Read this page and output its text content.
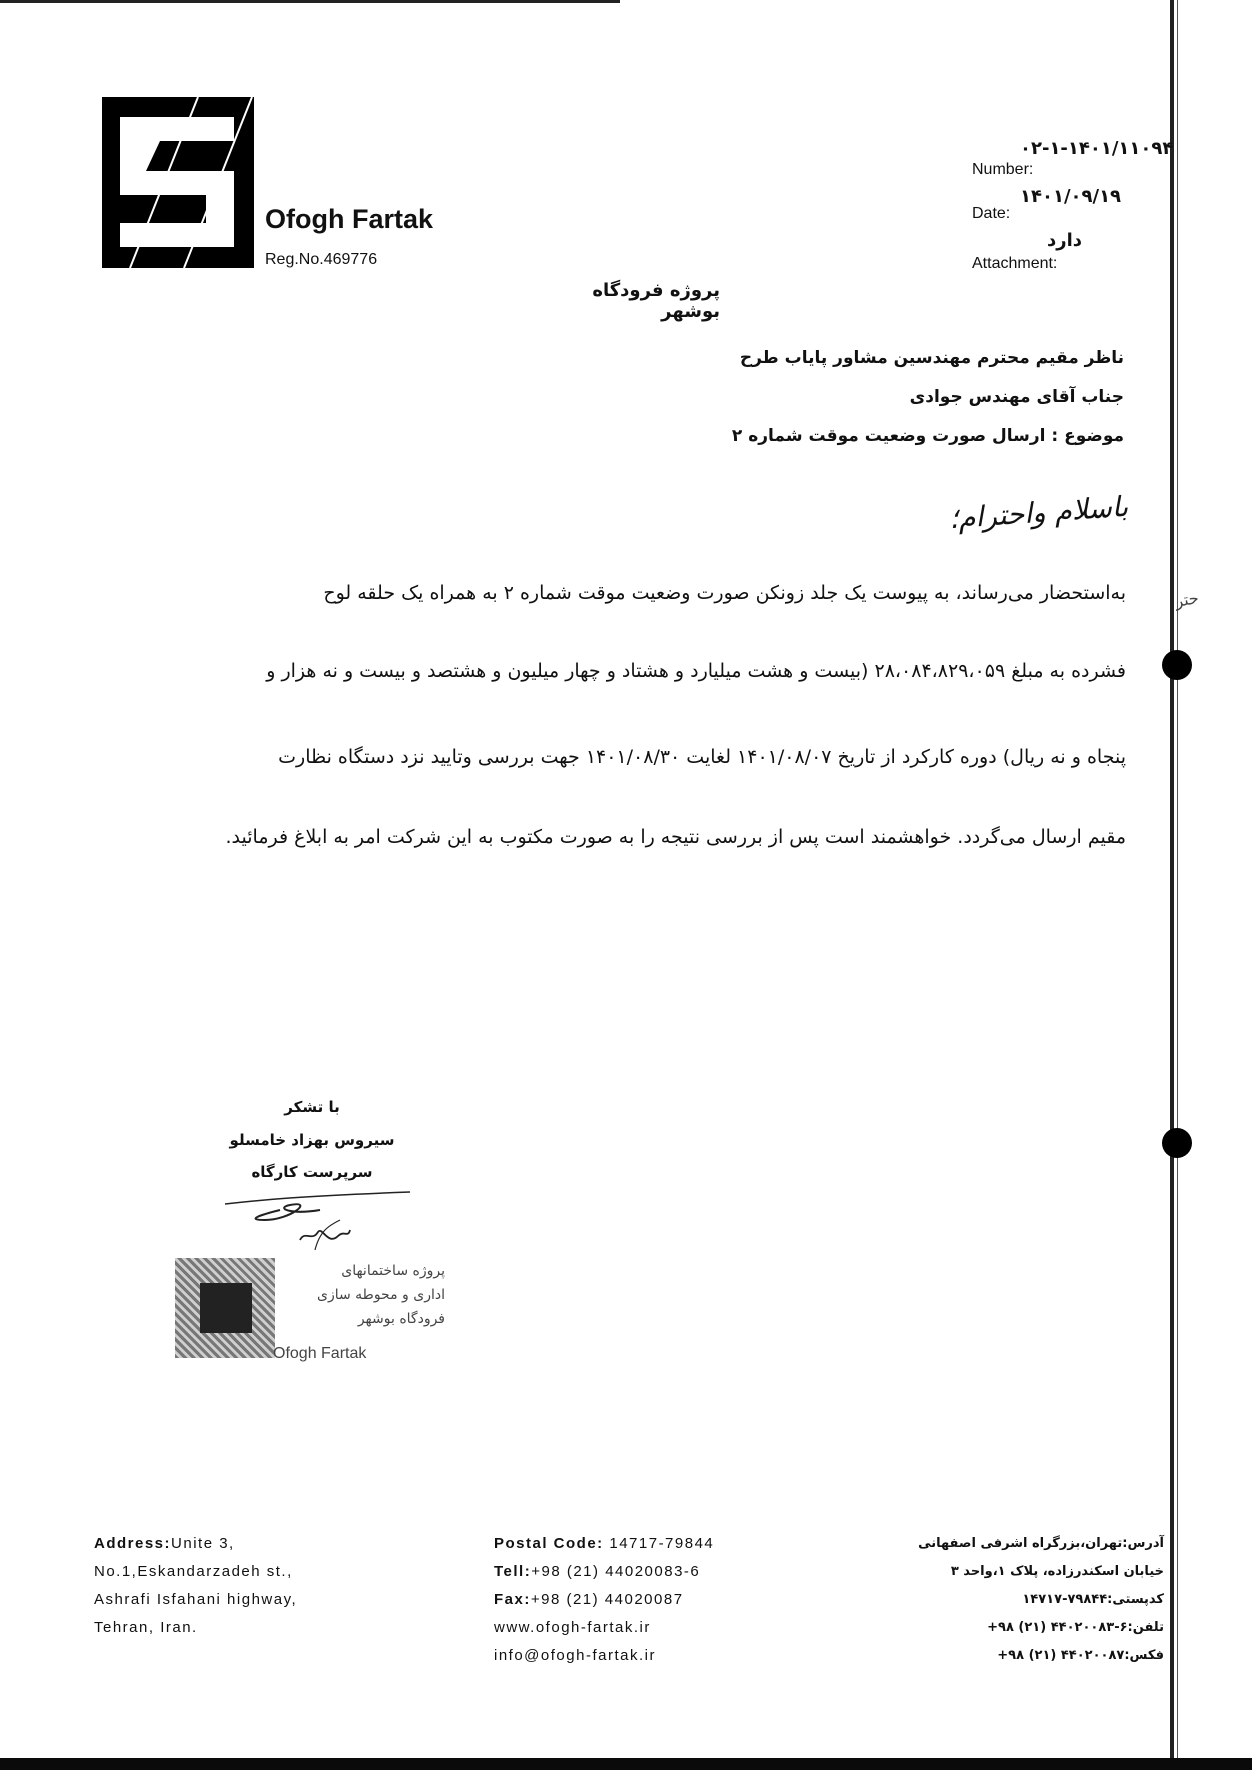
حتر
Ofogh Fartak
Reg.No.469776
Number:
۰۲-۱-۱۴۰۱/۱۱۰۹۴
Date:
۱۴۰۱/۰۹/۱۹
Attachment:
دارد
پروژه فرودگاه بوشهر
ناظر مقیم محترم مهندسین مشاور پایاب طرح
جناب آقای مهندس جوادی
موضوع : ارسال صورت وضعیت موقت شماره ۲
باسلام واحترام؛
به‌استحضار می‌رساند، به پیوست یک جلد زونکن صورت وضعیت موقت شماره ۲ به همراه یک حلقه لوح
فشرده به مبلغ ۲۸،۰۸۴،۸۲۹،۰۵۹ (بیست و هشت میلیارد و هشتاد و چهار میلیون و هشتصد و بیست و نه هزار و
پنجاه و نه ریال) دوره کارکرد از تاریخ ۱۴۰۱/۰۸/۰۷ لغایت ۱۴۰۱/۰۸/۳۰ جهت بررسی وتایید نزد دستگاه نظارت
مقیم ارسال می‌گردد. خواهشمند است پس از بررسی نتیجه را به صورت مکتوب به این شرکت امر به ابلاغ فرمائید.
با تشکر
سیروس بهزاد خامسلو
سرپرست کارگاه
پروژه ساختمانهای
اداری و محوطه سازی
فرودگاه بوشهر
Ofogh Fartak
Address:Unite 3,
No.1,Eskandarzadeh st.,
Ashrafi Isfahani highway,
Tehran, Iran.
Postal Code: 14717-79844
Tell:+98 (21) 44020083-6
Fax:+98 (21) 44020087
www.ofogh-fartak.ir
info@ofogh-fartak.ir
آدرس:تهران،بزرگراه اشرفی اصفهانی
خیابان اسکندرزاده، پلاک ۱،واحد ۳
کدپستی:۷۹۸۴۴-۱۴۷۱۷
تلفن:۶-۴۴۰۲۰۰۸۳ (۲۱) ۹۸+
فکس:۴۴۰۲۰۰۸۷ (۲۱) ۹۸+
